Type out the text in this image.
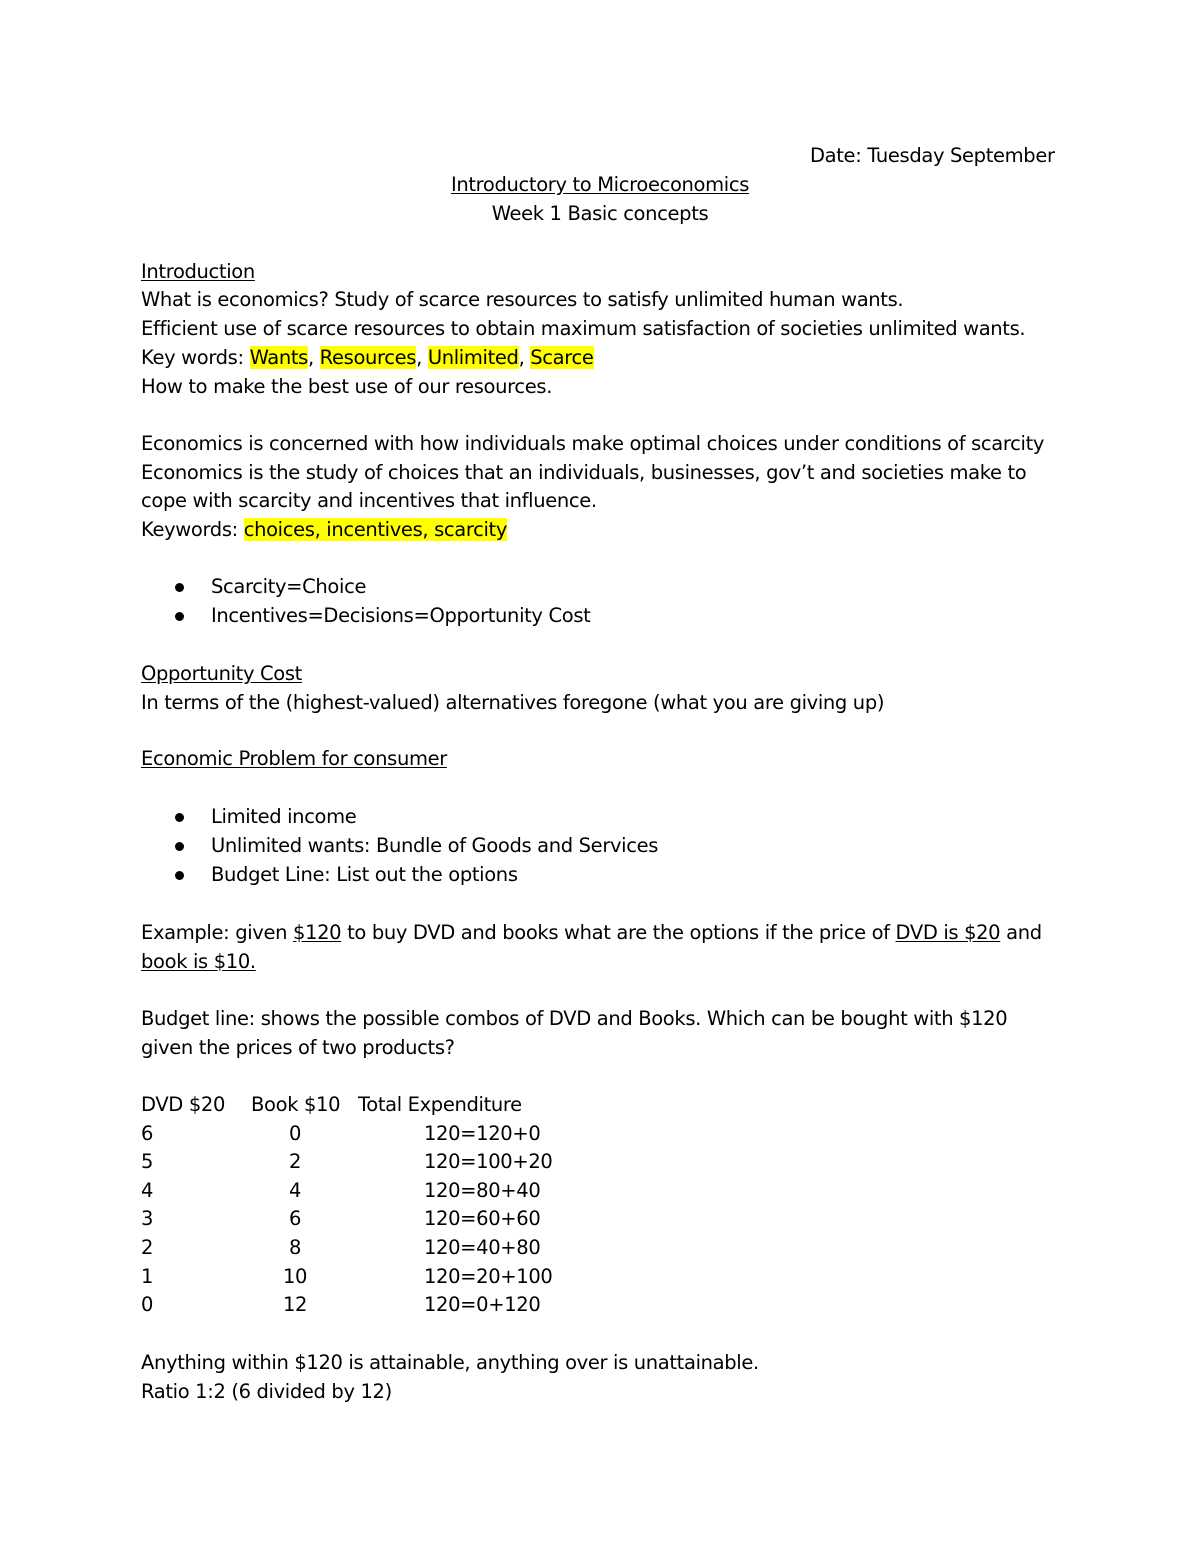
Date: Tuesday September
Introductory to Microeconomics
Week 1 Basic concepts
Introduction
What is economics? Study of scarce resources to satisfy unlimited human wants.
Efficient use of scarce resources to obtain maximum satisfaction of societies unlimited wants.
Key words: Wants, Resources, Unlimited, Scarce
How to make the best use of our resources.
Economics is concerned with how individuals make optimal choices under conditions of scarcity
Economics is the study of choices that an individuals, businesses, gov’t and societies make to
cope with scarcity and incentives that influence.
Keywords: choices, incentives, scarcity
Scarcity=Choice
Incentives=Decisions=Opportunity Cost
Opportunity Cost
In terms of the (highest-valued) alternatives foregone (what you are giving up)
Economic Problem for consumer
Limited income
Unlimited wants: Bundle of Goods and Services
Budget Line: List out the options
Example: given $120 to buy DVD and books what are the options if the price of DVD is $20 and
book is $10.
Budget line: shows the possible combos of DVD and Books. Which can be bought with $120
given the prices of two products?
DVD $20 Book $10 Total Expenditure
6	0	120=120+0
5	2	120=100+20
4	4	120=80+40
3	6	120=60+60
2	8	120=40+80
1	10	120=20+100
0	12	120=0+120
Anything within $120 is attainable, anything over is unattainable.
Ratio 1:2 (6 divided by 12)
